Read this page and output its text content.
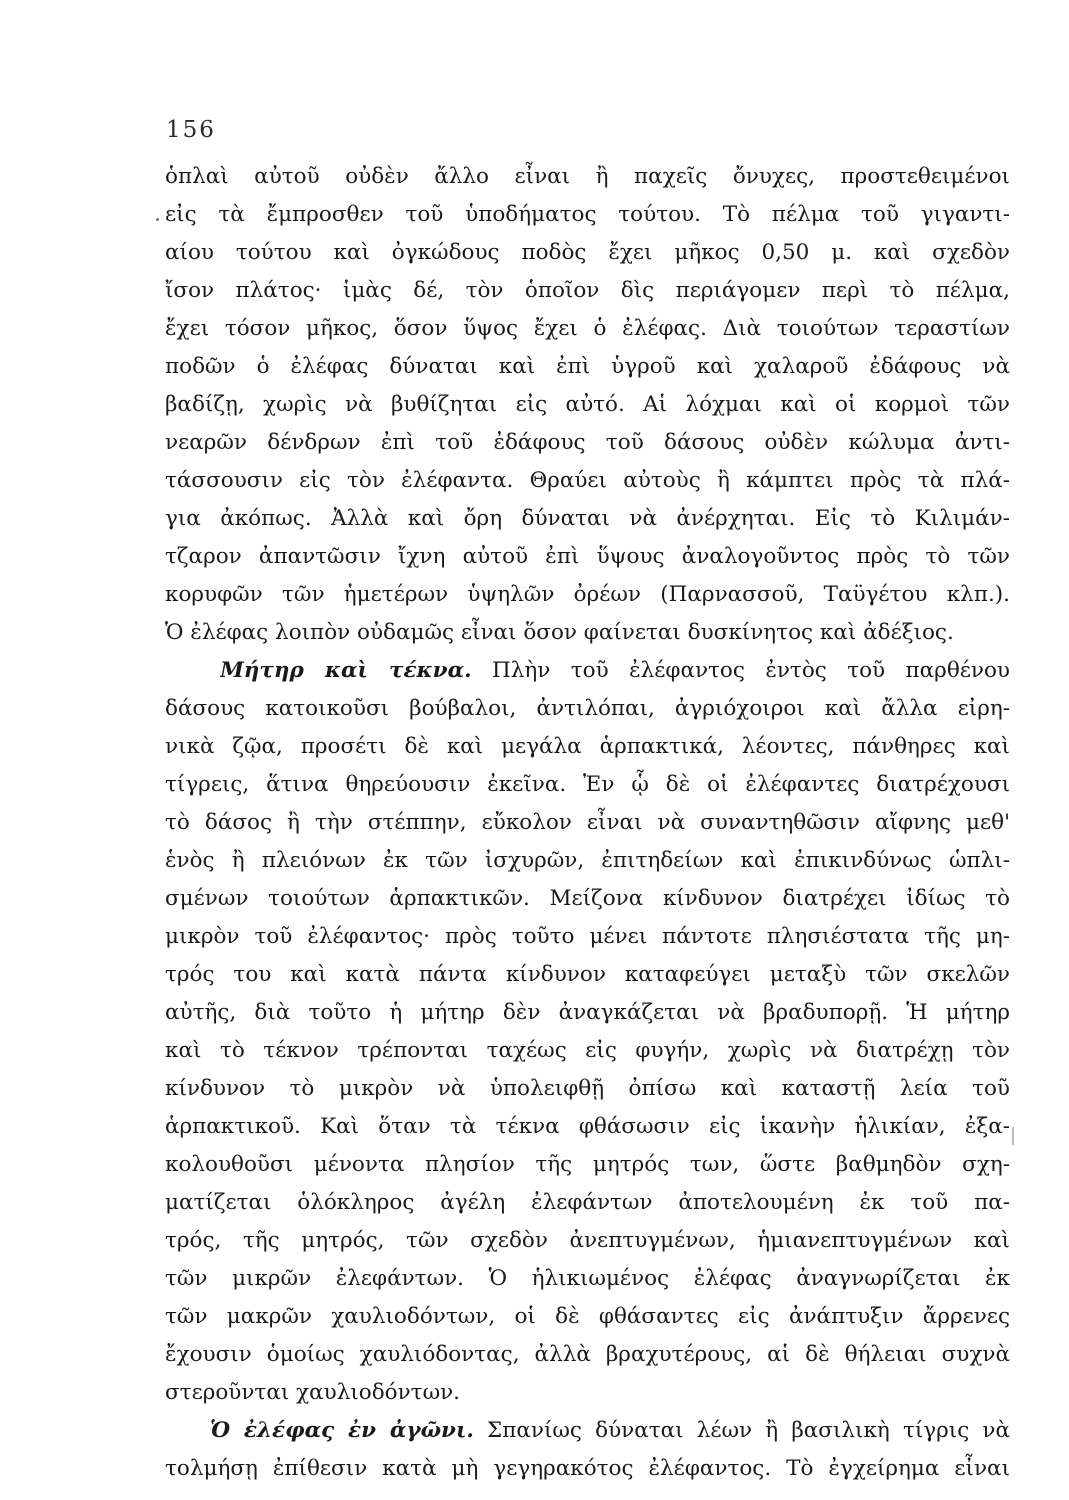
156
ὁπλαὶ αὐτοῦ οὐδὲν ἄλλο εἶναι ἢ παχεῖς ὄνυχες, προστεθειμένοι
εἰς τὰ ἔμπροσθεν τοῦ ὑποδήματος τούτου. Τὸ πέλμα τοῦ γιγαντι-
αίου τούτου καὶ ὀγκώδους ποδὸς ἔχει μῆκος 0,50 μ. καὶ σχεδὸν
ἴσον πλάτος· ἱμὰς δέ, τὸν ὁποῖον δὶς περιάγομεν περὶ τὸ πέλμα,
ἔχει τόσον μῆκος, ὅσον ὕψος ἔχει ὁ ἐλέφας. Διὰ τοιούτων τεραστίων
ποδῶν ὁ ἐλέφας δύναται καὶ ἐπὶ ὑγροῦ καὶ χαλαροῦ ἐδάφους νὰ
βαδίζῃ, χωρὶς νὰ βυθίζηται εἰς αὐτό. Αἱ λόχμαι καὶ οἱ κορμοὶ τῶν
νεαρῶν δένδρων ἐπὶ τοῦ ἐδάφους τοῦ δάσους οὐδὲν κώλυμα ἀντι-
τάσσουσιν εἰς τὸν ἐλέφαντα. Θραύει αὐτοὺς ἢ κάμπτει πρὸς τὰ πλά-
για ἀκόπως. Ἀλλὰ καὶ ὄρη δύναται νὰ ἀνέρχηται. Εἰς τὸ Κιλιμάν-
τζαρον ἀπαντῶσιν ἴχνη αὐτοῦ ἐπὶ ὕψους ἀναλογοῦντος πρὸς τὸ τῶν
κορυφῶν τῶν ἡμετέρων ὑψηλῶν ὀρέων (Παρνασσοῦ, Ταϋγέτου κλπ.).
Ὁ ἐλέφας λοιπὸν οὐδαμῶς εἶναι ὅσον φαίνεται δυσκίνητος καὶ ἀδέξιος.
Μήτηρ καὶ τέκνα. Πλὴν τοῦ ἐλέφαντος ἐντὸς τοῦ παρθένου
δάσους κατοικοῦσι βούβαλοι, ἀντιλόπαι, ἀγριόχοιροι καὶ ἄλλα εἰρη-
νικὰ ζῷα, προσέτι δὲ καὶ μεγάλα ἁρπακτικά, λέοντες, πάνθηρες καὶ
τίγρεις, ἅτινα θηρεύουσιν ἐκεῖνα. Ἐν ᾧ δὲ οἱ ἐλέφαντες διατρέχουσι
τὸ δάσος ἢ τὴν στέππην, εὔκολον εἶναι νὰ συναντηθῶσιν αἴφνης μεθ'
ἑνὸς ἢ πλειόνων ἐκ τῶν ἰσχυρῶν, ἐπιτηδείων καὶ ἐπικινδύνως ὡπλι-
σμένων τοιούτων ἁρπακτικῶν. Μείζονα κίνδυνον διατρέχει ἰδίως τὸ
μικρὸν τοῦ ἐλέφαντος· πρὸς τοῦτο μένει πάντοτε πλησιέστατα τῆς μη-
τρός του καὶ κατὰ πάντα κίνδυνον καταφεύγει μεταξὺ τῶν σκελῶν
αὐτῆς, διὰ τοῦτο ἡ μήτηρ δὲν ἀναγκάζεται νὰ βραδυπορῇ. Ἡ μήτηρ
καὶ τὸ τέκνον τρέπονται ταχέως εἰς φυγήν, χωρὶς νὰ διατρέχῃ τὸν
κίνδυνον τὸ μικρὸν νὰ ὑπολειφθῇ ὀπίσω καὶ καταστῇ λεία τοῦ
ἁρπακτικοῦ. Καὶ ὅταν τὰ τέκνα φθάσωσιν εἰς ἱκανὴν ἡλικίαν, ἐξα-
κολουθοῦσι μένοντα πλησίον τῆς μητρός των, ὥστε βαθμηδὸν σχη-
ματίζεται ὁλόκληρος ἀγέλη ἐλεφάντων ἀποτελουμένη ἐκ τοῦ πα-
τρός, τῆς μητρός, τῶν σχεδὸν ἀνεπτυγμένων, ἡμιανεπτυγμένων καὶ
τῶν μικρῶν ἐλεφάντων. Ὁ ἡλικιωμένος ἐλέφας ἀναγνωρίζεται ἐκ
τῶν μακρῶν χαυλιοδόντων, οἱ δὲ φθάσαντες εἰς ἀνάπτυξιν ἄρρενες
ἔχουσιν ὁμοίως χαυλιόδοντας, ἀλλὰ βραχυτέρους, αἱ δὲ θήλειαι συχνὰ
στεροῦνται χαυλιοδόντων.
Ὁ ἐλέφας ἐν ἀγῶνι. Σπανίως δύναται λέων ἢ βασιλικὴ τίγρις νὰ
τολμήσῃ ἐπίθεσιν κατὰ μὴ γεγηρακότος ἐλέφαντος. Τὸ ἐγχείρημα εἶναι
